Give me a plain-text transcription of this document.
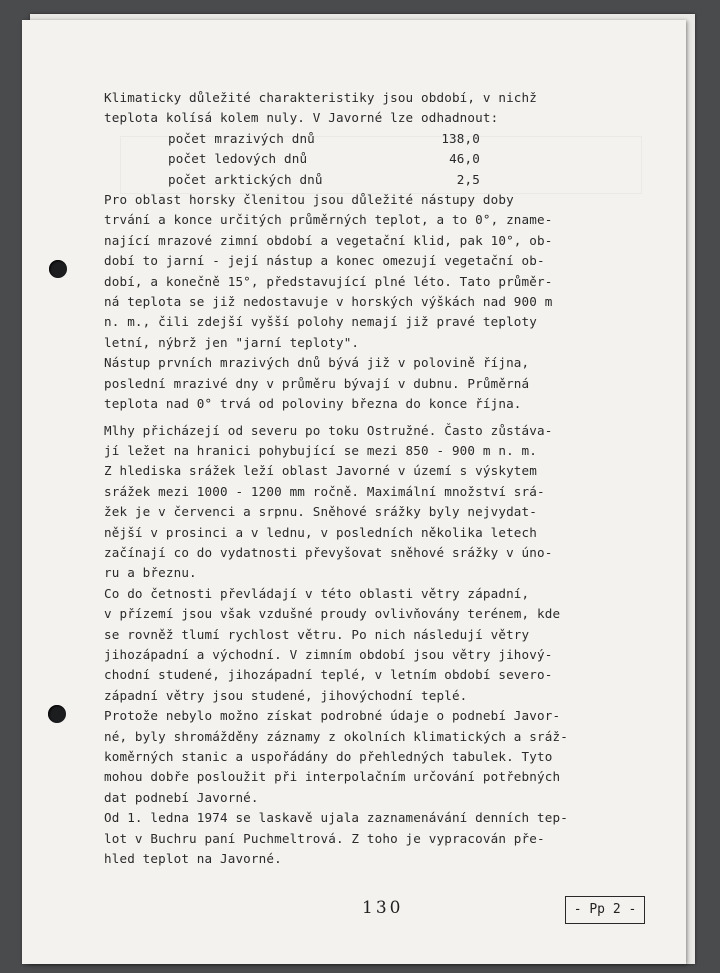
Klimaticky důležité charakteristiky jsou období, v nichž
teplota kolísá kolem nuly. V Javorné lze odhadnout:
počet mrazivých dnů	138,0
počet ledových dnů	46,0
počet arktických dnů	2,5
Pro oblast horsky členitou jsou důležité nástupy doby
trvání a konce určitých průměrných teplot, a to 0°, zname-
nající mrazové zimní období a vegetační klid, pak 10°, ob-
dobí to jarní - její nástup a konec omezují vegetační ob-
dobí, a konečně 15°, představující plné léto. Tato průměr-
ná teplota se již nedostavuje v horských výškách nad 900 m
n. m., čili zdejší vyšší polohy nemají již pravé teploty
letní, nýbrž jen "jarní teploty".
Nástup prvních mrazivých dnů bývá již v polovině října,
poslední mrazivé dny v průměru bývají v dubnu. Průměrná
teplota nad 0° trvá od poloviny března do konce října.
Mlhy přicházejí od severu po toku Ostružné. Často zůstáva-
jí ležet na hranici pohybující se mezi 850 - 900 m n. m.
Z hlediska srážek leží oblast Javorné v území s výskytem
srážek mezi 1000 - 1200 mm ročně. Maximální množství srá-
žek je v červenci a srpnu. Sněhové srážky byly nejvydat-
nější v prosinci a v lednu, v posledních několika letech
začínají co do vydatnosti převyšovat sněhové srážky v úno-
ru a březnu.
Co do četnosti převládají v této oblasti větry západní,
v přízemí jsou však vzdušné proudy ovlivňovány terénem, kde
se rovněž tlumí rychlost větru. Po nich následují větry
jihozápadní a východní. V zimním období jsou větry jihový-
chodní studené, jihozápadní teplé, v letním období severo-
západní větry jsou studené, jihovýchodní teplé.
Protože nebylo možno získat podrobné údaje o podnebí Javor-
né, byly shromážděny záznamy z okolních klimatických a sráž-
koměrných stanic a uspořádány do přehledných tabulek. Tyto
mohou dobře posloužit při interpolačním určování potřebných
dat podnebí Javorné.
Od 1. ledna 1974 se laskavě ujala zaznamenávání denních tep-
lot v Buchru paní Puchmeltrová. Z toho je vypracován pře-
hled teplot na Javorné.
130	- Pp 2 -
